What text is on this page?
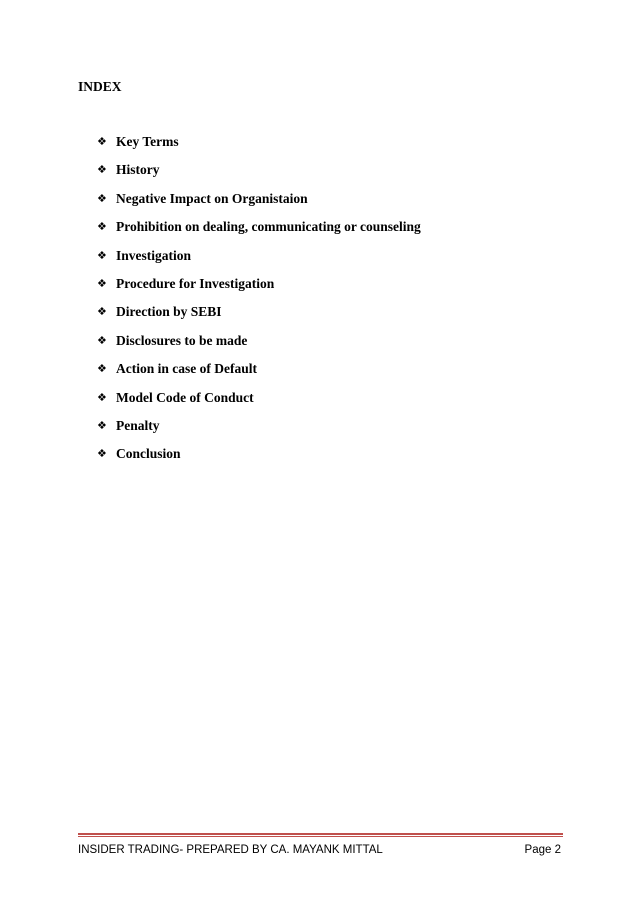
INDEX
❖ Key Terms
❖ History
❖ Negative Impact on Organistaion
❖ Prohibition on dealing, communicating or counseling
❖ Investigation
❖ Procedure for Investigation
❖ Direction by SEBI
❖ Disclosures to be made
❖ Action in case of Default
❖ Model Code of Conduct
❖ Penalty
❖ Conclusion
INSIDER TRADING- PREPARED BY CA. MAYANK MITTAL	Page 2
